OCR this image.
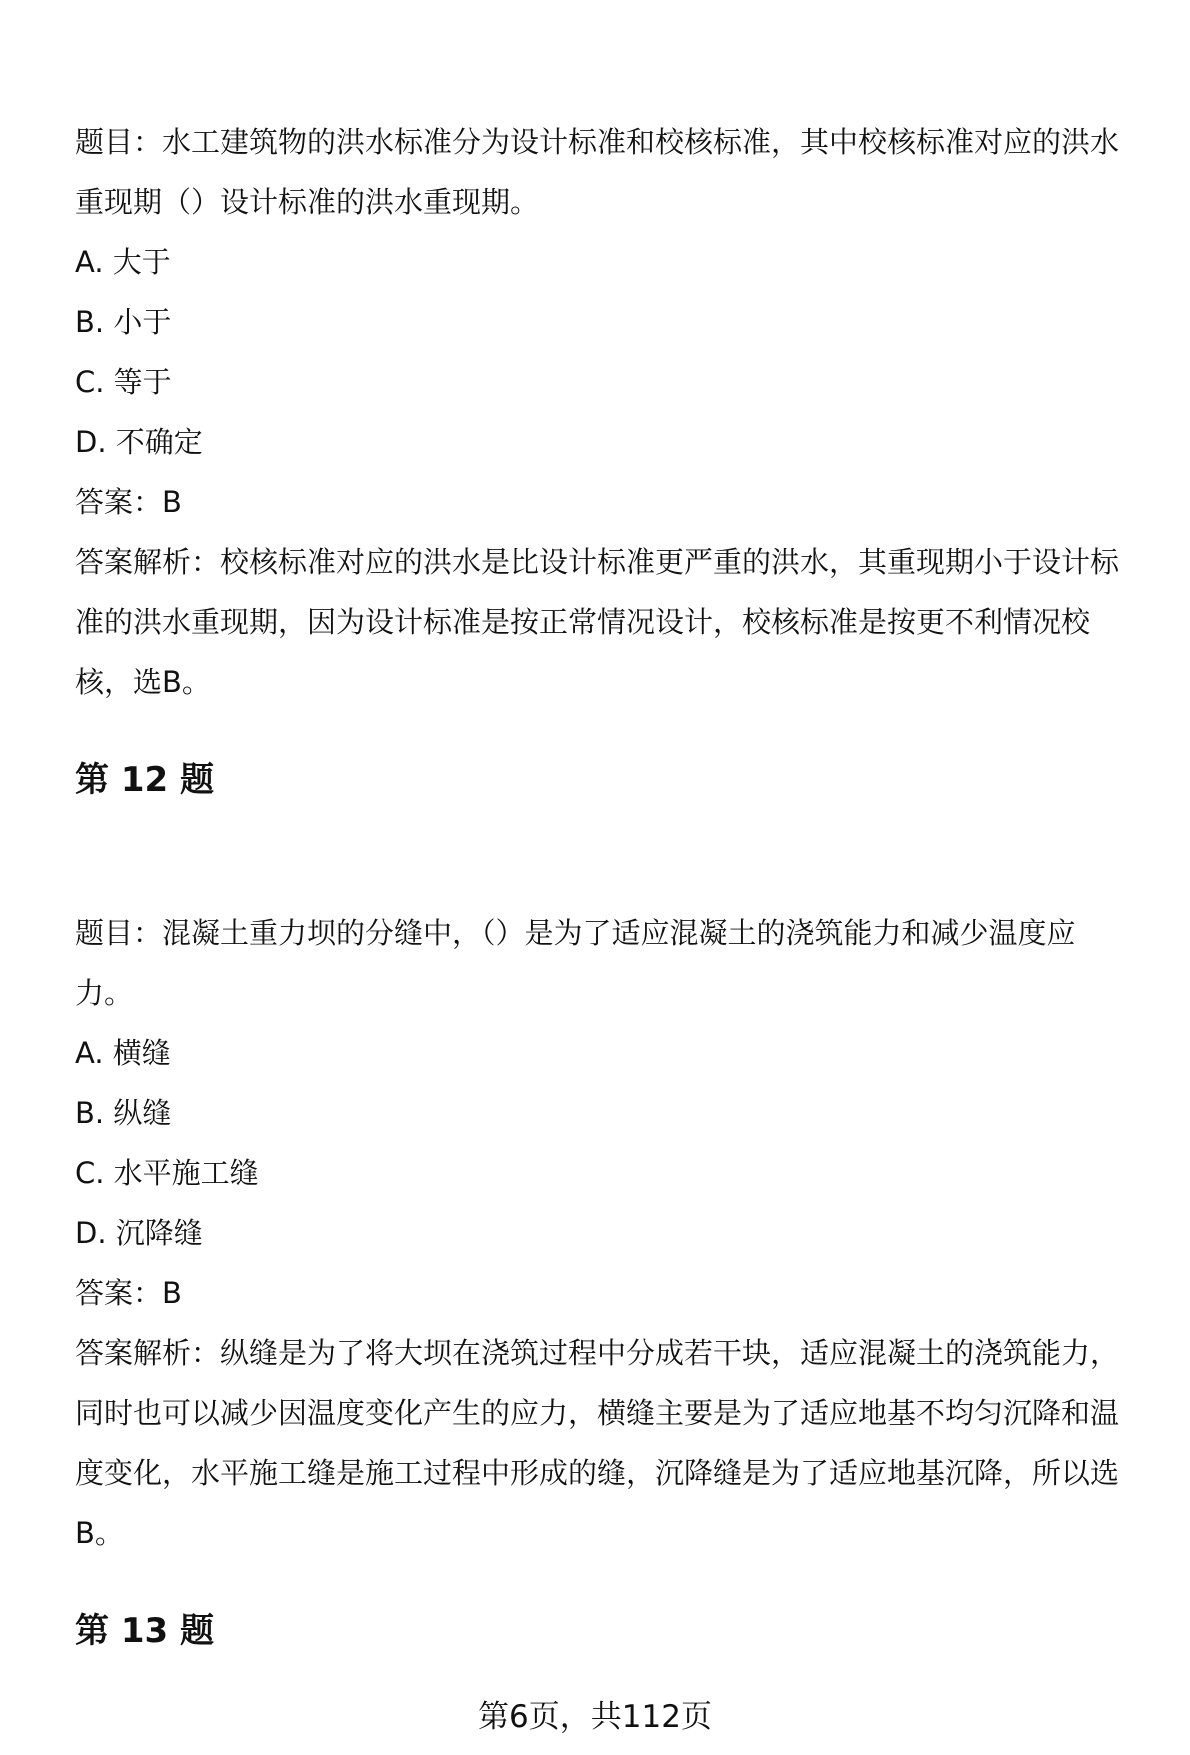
题目：水工建筑物的洪水标准分为设计标准和校核标准，其中校核标准对应的洪水
重现期（）设计标准的洪水重现期。
A. 大于
B. 小于
C. 等于
D. 不确定
答案：B
答案解析：校核标准对应的洪水是比设计标准更严重的洪水，其重现期小于设计标
准的洪水重现期，因为设计标准是按正常情况设计，校核标准是按更不利情况校
核，选B。
第 12 题
题目：混凝土重力坝的分缝中，（）是为了适应混凝土的浇筑能力和减少温度应
力。
A. 横缝
B. 纵缝
C. 水平施工缝
D. 沉降缝
答案：B
答案解析：纵缝是为了将大坝在浇筑过程中分成若干块，适应混凝土的浇筑能力，
同时也可以减少因温度变化产生的应力，横缝主要是为了适应地基不均匀沉降和温
度变化，水平施工缝是施工过程中形成的缝，沉降缝是为了适应地基沉降，所以选
B。
第 13 题
第6页，共112页
